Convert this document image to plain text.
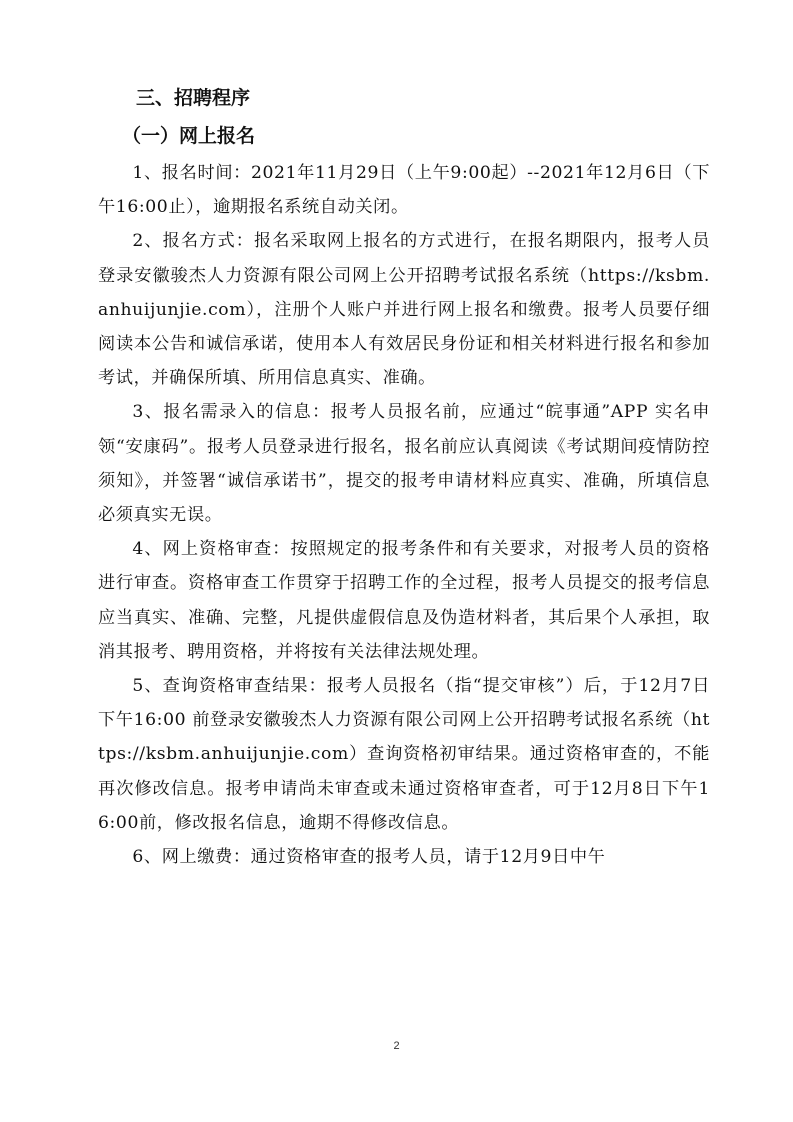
三、招聘程序
（一）网上报名

1、报名时间：2021年11月29日（上午9:00起）--2021年12月6日（下午16:00止），逾期报名系统自动关闭。

2、报名方式：报名采取网上报名的方式进行，在报名期限内，报考人员登录安徽骏杰人力资源有限公司网上公开招聘考试报名系统（https://ksbm.anhuijunjie.com），注册个人账户并进行网上报名和缴费。报考人员要仔细阅读本公告和诚信承诺，使用本人有效居民身份证和相关材料进行报名和参加考试，并确保所填、所用信息真实、准确。

3、报名需录入的信息：报考人员报名前，应通过“皖事通”APP 实名申领“安康码”。报考人员登录进行报名，报名前应认真阅读《考试期间疫情防控须知》，并签署“诚信承诺书”，提交的报考申请材料应真实、准确，所填信息必须真实无误。

4、网上资格审查：按照规定的报考条件和有关要求，对报考人员的资格进行审查。资格审查工作贯穿于招聘工作的全过程，报考人员提交的报考信息应当真实、准确、完整，凡提供虚假信息及伪造材料者，其后果个人承担，取消其报考、聘用资格，并将按有关法律法规处理。

5、查询资格审查结果：报考人员报名（指“提交审核”）后，于12月7日下午16:00 前登录安徽骏杰人力资源有限公司网上公开招聘考试报名系统（https://ksbm.anhuijunjie.com）查询资格初审结果。通过资格审查的，不能再次修改信息。报考申请尚未审查或未通过资格审查者，可于12月8日下午16:00前，修改报名信息，逾期不得修改信息。

6、网上缴费：通过资格审查的报考人员，请于12月9日中午

2
